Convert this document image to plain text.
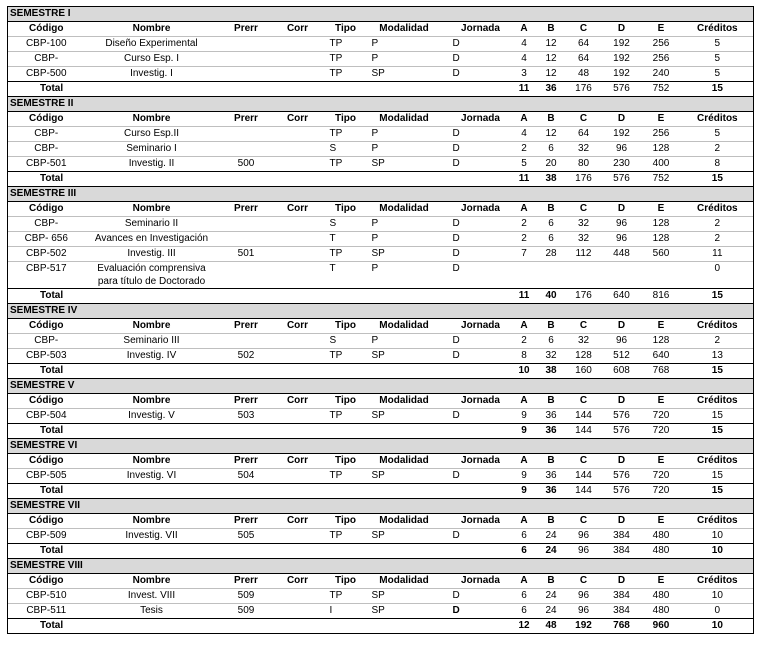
SEMESTRE I												
Código	Nombre	Prerr	Corr	Tipo	Modalidad	Jornada	A	B	C	D	E	Créditos
CBP-100	Diseño Experimental			TP	P	D	4	12	64	192	256	5
CBP-	Curso Esp. I			TP	P	D	4	12	64	192	256	5
CBP-500	Investig. I			TP	SP	D	3	12	48	192	240	5
Total							11	36	176	576	752	15
SEMESTRE II												
Código	Nombre	Prerr	Corr	Tipo	Modalidad	Jornada	A	B	C	D	E	Créditos
CBP-	Curso Esp.II			TP	P	D	4	12	64	192	256	5
CBP-	Seminario I			S	P	D	2	6	32	96	128	2
CBP-501	Investig. II	500		TP	SP	D	5	20	80	230	400	8
Total							11	38	176	576	752	15
SEMESTRE III												
Código	Nombre	Prerr	Corr	Tipo	Modalidad	Jornada	A	B	C	D	E	Créditos
CBP-	Seminario II			S	P	D	2	6	32	96	128	2
CBP- 656	Avances en Investigación			T	P	D	2	6	32	96	128	2
CBP-502	Investig. III	501		TP	SP	D	7	28	112	448	560	11
CBP-517	Evaluación comprensiva para título de Doctorado			T	P	D						0
Total							11	40	176	640	816	15
SEMESTRE IV												
Código	Nombre	Prerr	Corr	Tipo	Modalidad	Jornada	A	B	C	D	E	Créditos
CBP-	Seminario III			S	P	D	2	6	32	96	128	2
CBP-503	Investig. IV	502		TP	SP	D	8	32	128	512	640	13
Total							10	38	160	608	768	15
SEMESTRE V												
Código	Nombre	Prerr	Corr	Tipo	Modalidad	Jornada	A	B	C	D	E	Créditos
CBP-504	Investig. V	503		TP	SP	D	9	36	144	576	720	15
Total							9	36	144	576	720	15
SEMESTRE VI												
Código	Nombre	Prerr	Corr	Tipo	Modalidad	Jornada	A	B	C	D	E	Créditos
CBP-505	Investig. VI	504		TP	SP	D	9	36	144	576	720	15
Total							9	36	144	576	720	15
SEMESTRE VII												
Código	Nombre	Prerr	Corr	Tipo	Modalidad	Jornada	A	B	C	D	E	Créditos
CBP-509	Investig. VII	505		TP	SP	D	6	24	96	384	480	10
Total							6	24	96	384	480	10
SEMESTRE VIII												
Código	Nombre	Prerr	Corr	Tipo	Modalidad	Jornada	A	B	C	D	E	Créditos
CBP-510	Invest. VIII	509		TP	SP	D	6	24	96	384	480	10
CBP-511	Tesis	509		I	SP	D	6	24	96	384	480	0
Total							12	48	192	768	960	10
